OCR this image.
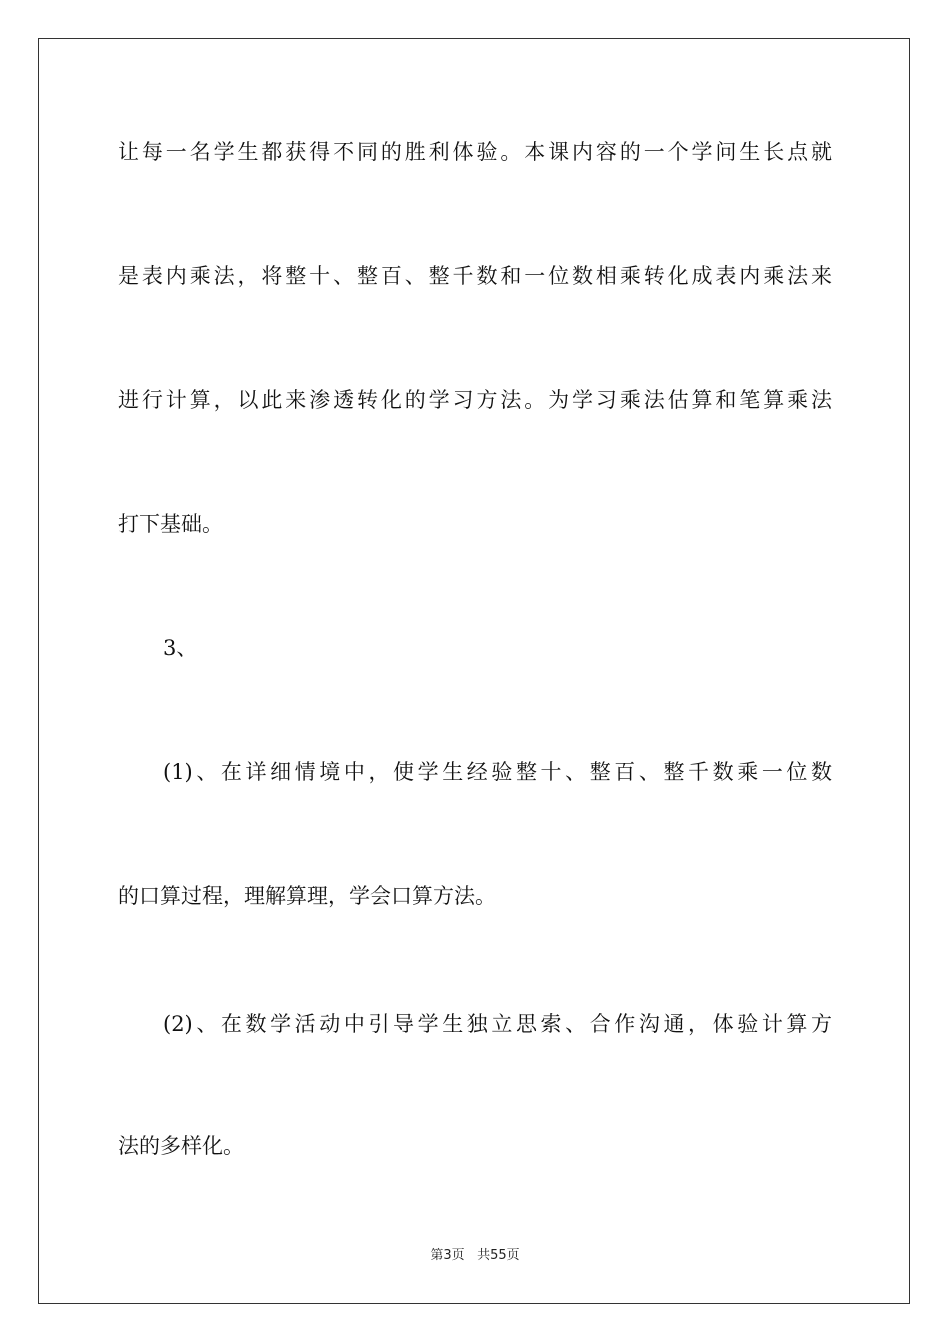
让每一名学生都获得不同的胜利体验。本课内容的一个学问生长点就
是表内乘法，将整十、整百、整千数和一位数相乘转化成表内乘法来
进行计算，以此来渗透转化的学习方法。为学习乘法估算和笔算乘法
打下基础。
3、
(1)、在详细情境中，使学生经验整十、整百、整千数乘一位数
的口算过程，理解算理，学会口算方法。
(2)、在数学活动中引导学生独立思索、合作沟通，体验计算方
法的多样化。
第3页 共55页
